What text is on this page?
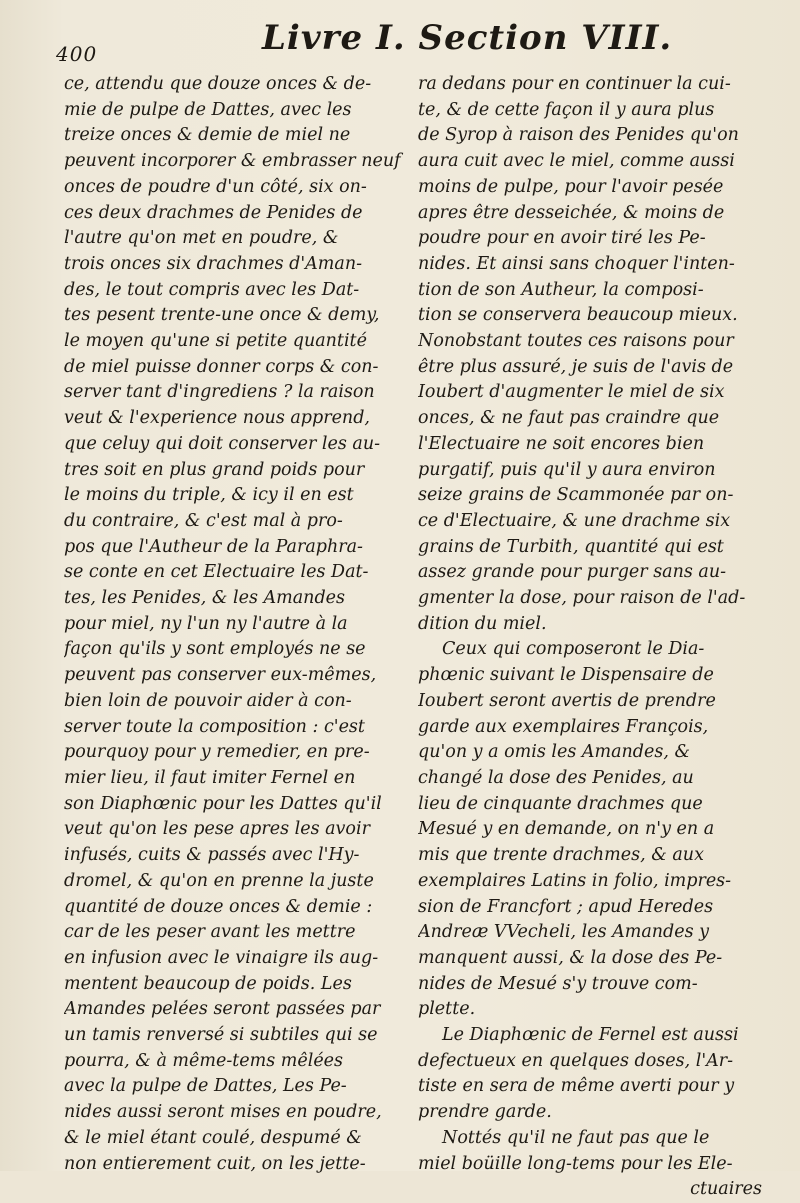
400	Livre I. Section VIII.
ce, attendu que douze onces & de-
mie de pulpe de Dattes, avec les
treize onces & demie de miel ne
peuvent incorporer & embrasser neuf
onces de poudre d'un côté, six on-
ces deux drachmes de Penides de
l'autre qu'on met en poudre, &
trois onces six drachmes d'Aman-
des, le tout compris avec les Dat-
tes pesent trente-une once & demy,
le moyen qu'une si petite quantité
de miel puisse donner corps & con-
server tant d'ingrediens ? la raison
veut & l'experience nous apprend,
que celuy qui doit conserver les au-
tres soit en plus grand poids pour
le moins du triple, & icy il en est
du contraire, & c'est mal à pro-
pos que l'Autheur de la Paraphra-
se conte en cet Electuaire les Dat-
tes, les Penides, & les Amandes
pour miel, ny l'un ny l'autre à la
façon qu'ils y sont employés ne se
peuvent pas conserver eux-mêmes,
bien loin de pouvoir aider à con-
server toute la composition : c'est
pourquoy pour y remedier, en pre-
mier lieu, il faut imiter Fernel en
son Diaphœnic pour les Dattes qu'il
veut qu'on les pese apres les avoir
infusés, cuits & passés avec l'Hy-
dromel, & qu'on en prenne la juste
quantité de douze onces & demie :
car de les peser avant les mettre
en infusion avec le vinaigre ils aug-
mentent beaucoup de poids. Les
Amandes pelées seront passées par
un tamis renversé si subtiles qui se
pourra, & à même-tems mêlées
avec la pulpe de Dattes, Les Pe-
nides aussi seront mises en poudre,
& le miel étant coulé, despumé &
non entierement cuit, on les jette-
ra dedans pour en continuer la cui-
te, & de cette façon il y aura plus
de Syrop à raison des Penides qu'on
aura cuit avec le miel, comme aussi
moins de pulpe, pour l'avoir pesée
apres être desseichée, & moins de
poudre pour en avoir tiré les Pe-
nides. Et ainsi sans choquer l'inten-
tion de son Autheur, la composi-
tion se conservera beaucoup mieux.
Nonobstant toutes ces raisons pour
être plus assuré, je suis de l'avis de
Ioubert d'augmenter le miel de six
onces, & ne faut pas craindre que
l'Electuaire ne soit encores bien
purgatif, puis qu'il y aura environ
seize grains de Scammonée par on-
ce d'Electuaire, & une drachme six
grains de Turbith, quantité qui est
assez grande pour purger sans au-
gmenter la dose, pour raison de l'ad-
dition du miel.
Ceux qui composeront le Dia-
phœnic suivant le Dispensaire de
Ioubert seront avertis de prendre
garde aux exemplaires François,
qu'on y a omis les Amandes, &
changé la dose des Penides, au
lieu de cinquante drachmes que
Mesué y en demande, on n'y en a
mis que trente drachmes, & aux
exemplaires Latins in folio, impres-
sion de Francfort ; apud Heredes
Andreæ VVecheli, les Amandes y
manquent aussi, & la dose des Pe-
nides de Mesué s'y trouve com-
plette.
Le Diaphœnic de Fernel est aussi
defectueux en quelques doses, l'Ar-
tiste en sera de même averti pour y
prendre garde.
Nottés qu'il ne faut pas que le
miel boüille long-tems pour les Ele-
ctuaires
